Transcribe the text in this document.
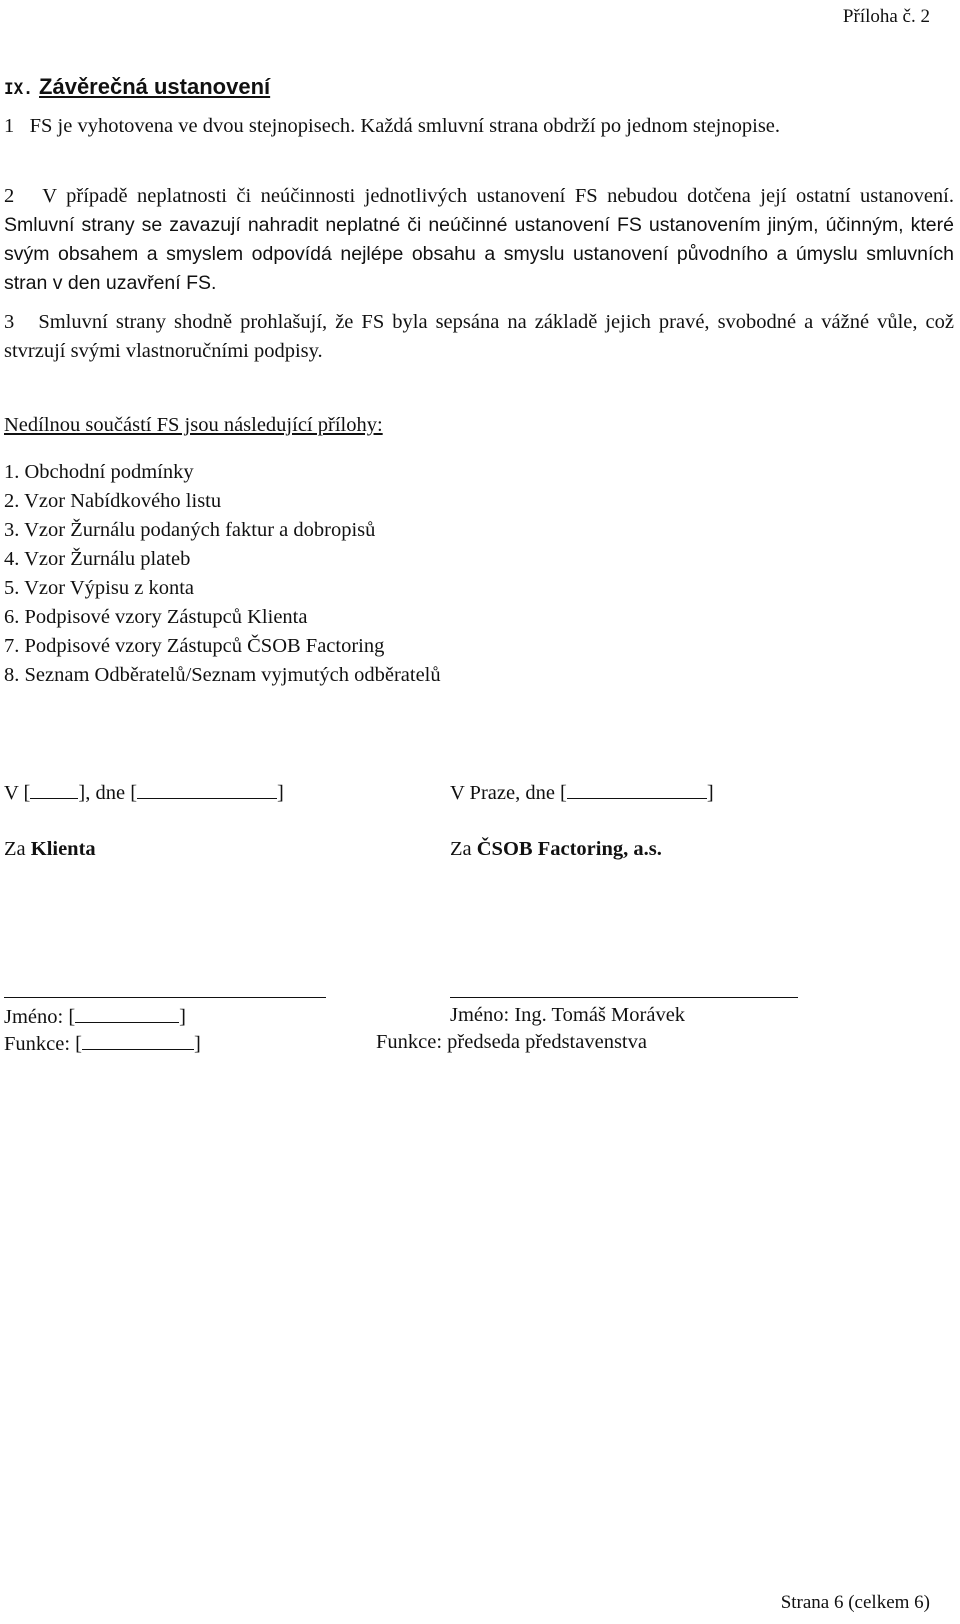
Příloha č. 2
IX. Závěrečná ustanovení
1 FS je vyhotovena ve dvou stejnopisech. Každá smluvní strana obdrží po jednom stejnopise.
2 V případě neplatnosti či neúčinnosti jednotlivých ustanovení FS nebudou dotčena její ostatní ustanovení. Smluvní strany se zavazují nahradit neplatné či neúčinné ustanovení FS ustanovením jiným, účinným, které svým obsahem a smyslem odpovídá nejlépe obsahu a smyslu ustanovení původního a úmyslu smluvních stran v den uzavření FS.
3 Smluvní strany shodně prohlašují, že FS byla sepsána na základě jejich pravé, svobodné a vážné vůle, což stvrzují svými vlastnoručními podpisy.
Nedílnou součástí FS jsou následující přílohy:
1. Obchodní podmínky
2. Vzor Nabídkového listu
3. Vzor Žurnálu podaných faktur a dobropisů
4. Vzor Žurnálu plateb
5. Vzor Výpisu z konta
6. Podpisové vzory Zástupců Klienta
7. Podpisové vzory Zástupců ČSOB Factoring
8. Seznam Odběratelů/Seznam vyjmutých odběratelů
V [ ], dne [	]	V Praze, dne [	]
Za Klienta	Za ČSOB Factoring, a.s.
Jméno: [	]	Jméno: Ing. Tomáš Morávek
Funkce: [	]	Funkce: předseda představenstva
Strana 6 (celkem 6)
